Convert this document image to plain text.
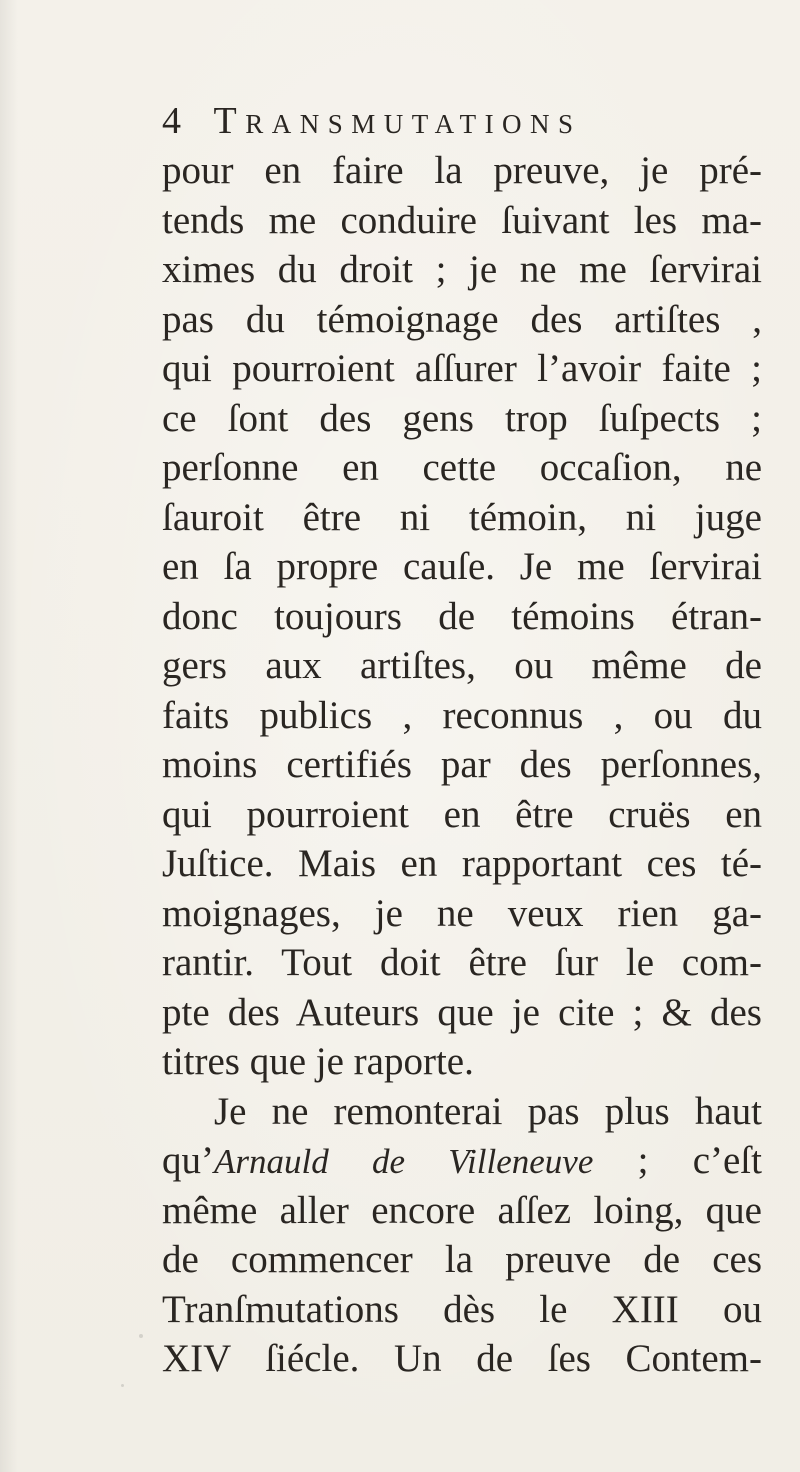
4 Transmutations
pour en faire la preuve, je pré-
tends me conduire ſuivant les ma-
ximes du droit ; je ne me ſervirai
pas du témoignage des artiſtes ,
qui pourroient aſſurer l’avoir faite ;
ce ſont des gens trop ſuſpects ;
perſonne en cette occaſion, ne
ſauroit être ni témoin, ni juge
en ſa propre cauſe. Je me ſervirai
donc toujours de témoins étran-
gers aux artiſtes, ou même de
faits publics , reconnus , ou du
moins certifiés par des perſonnes,
qui pourroient en être cruës en
Juſtice. Mais en rapportant ces té-
moignages, je ne veux rien ga-
rantir. Tout doit être ſur le com-
pte des Auteurs que je cite ; & des
titres que je raporte.
Je ne remonterai pas plus haut
qu’Arnauld de Villeneuve ; c’eſt
même aller encore aſſez loing, que
de commencer la preuve de ces
Tranſmutations dès le XIII ou
XIV ſiécle. Un de ſes Contem-
